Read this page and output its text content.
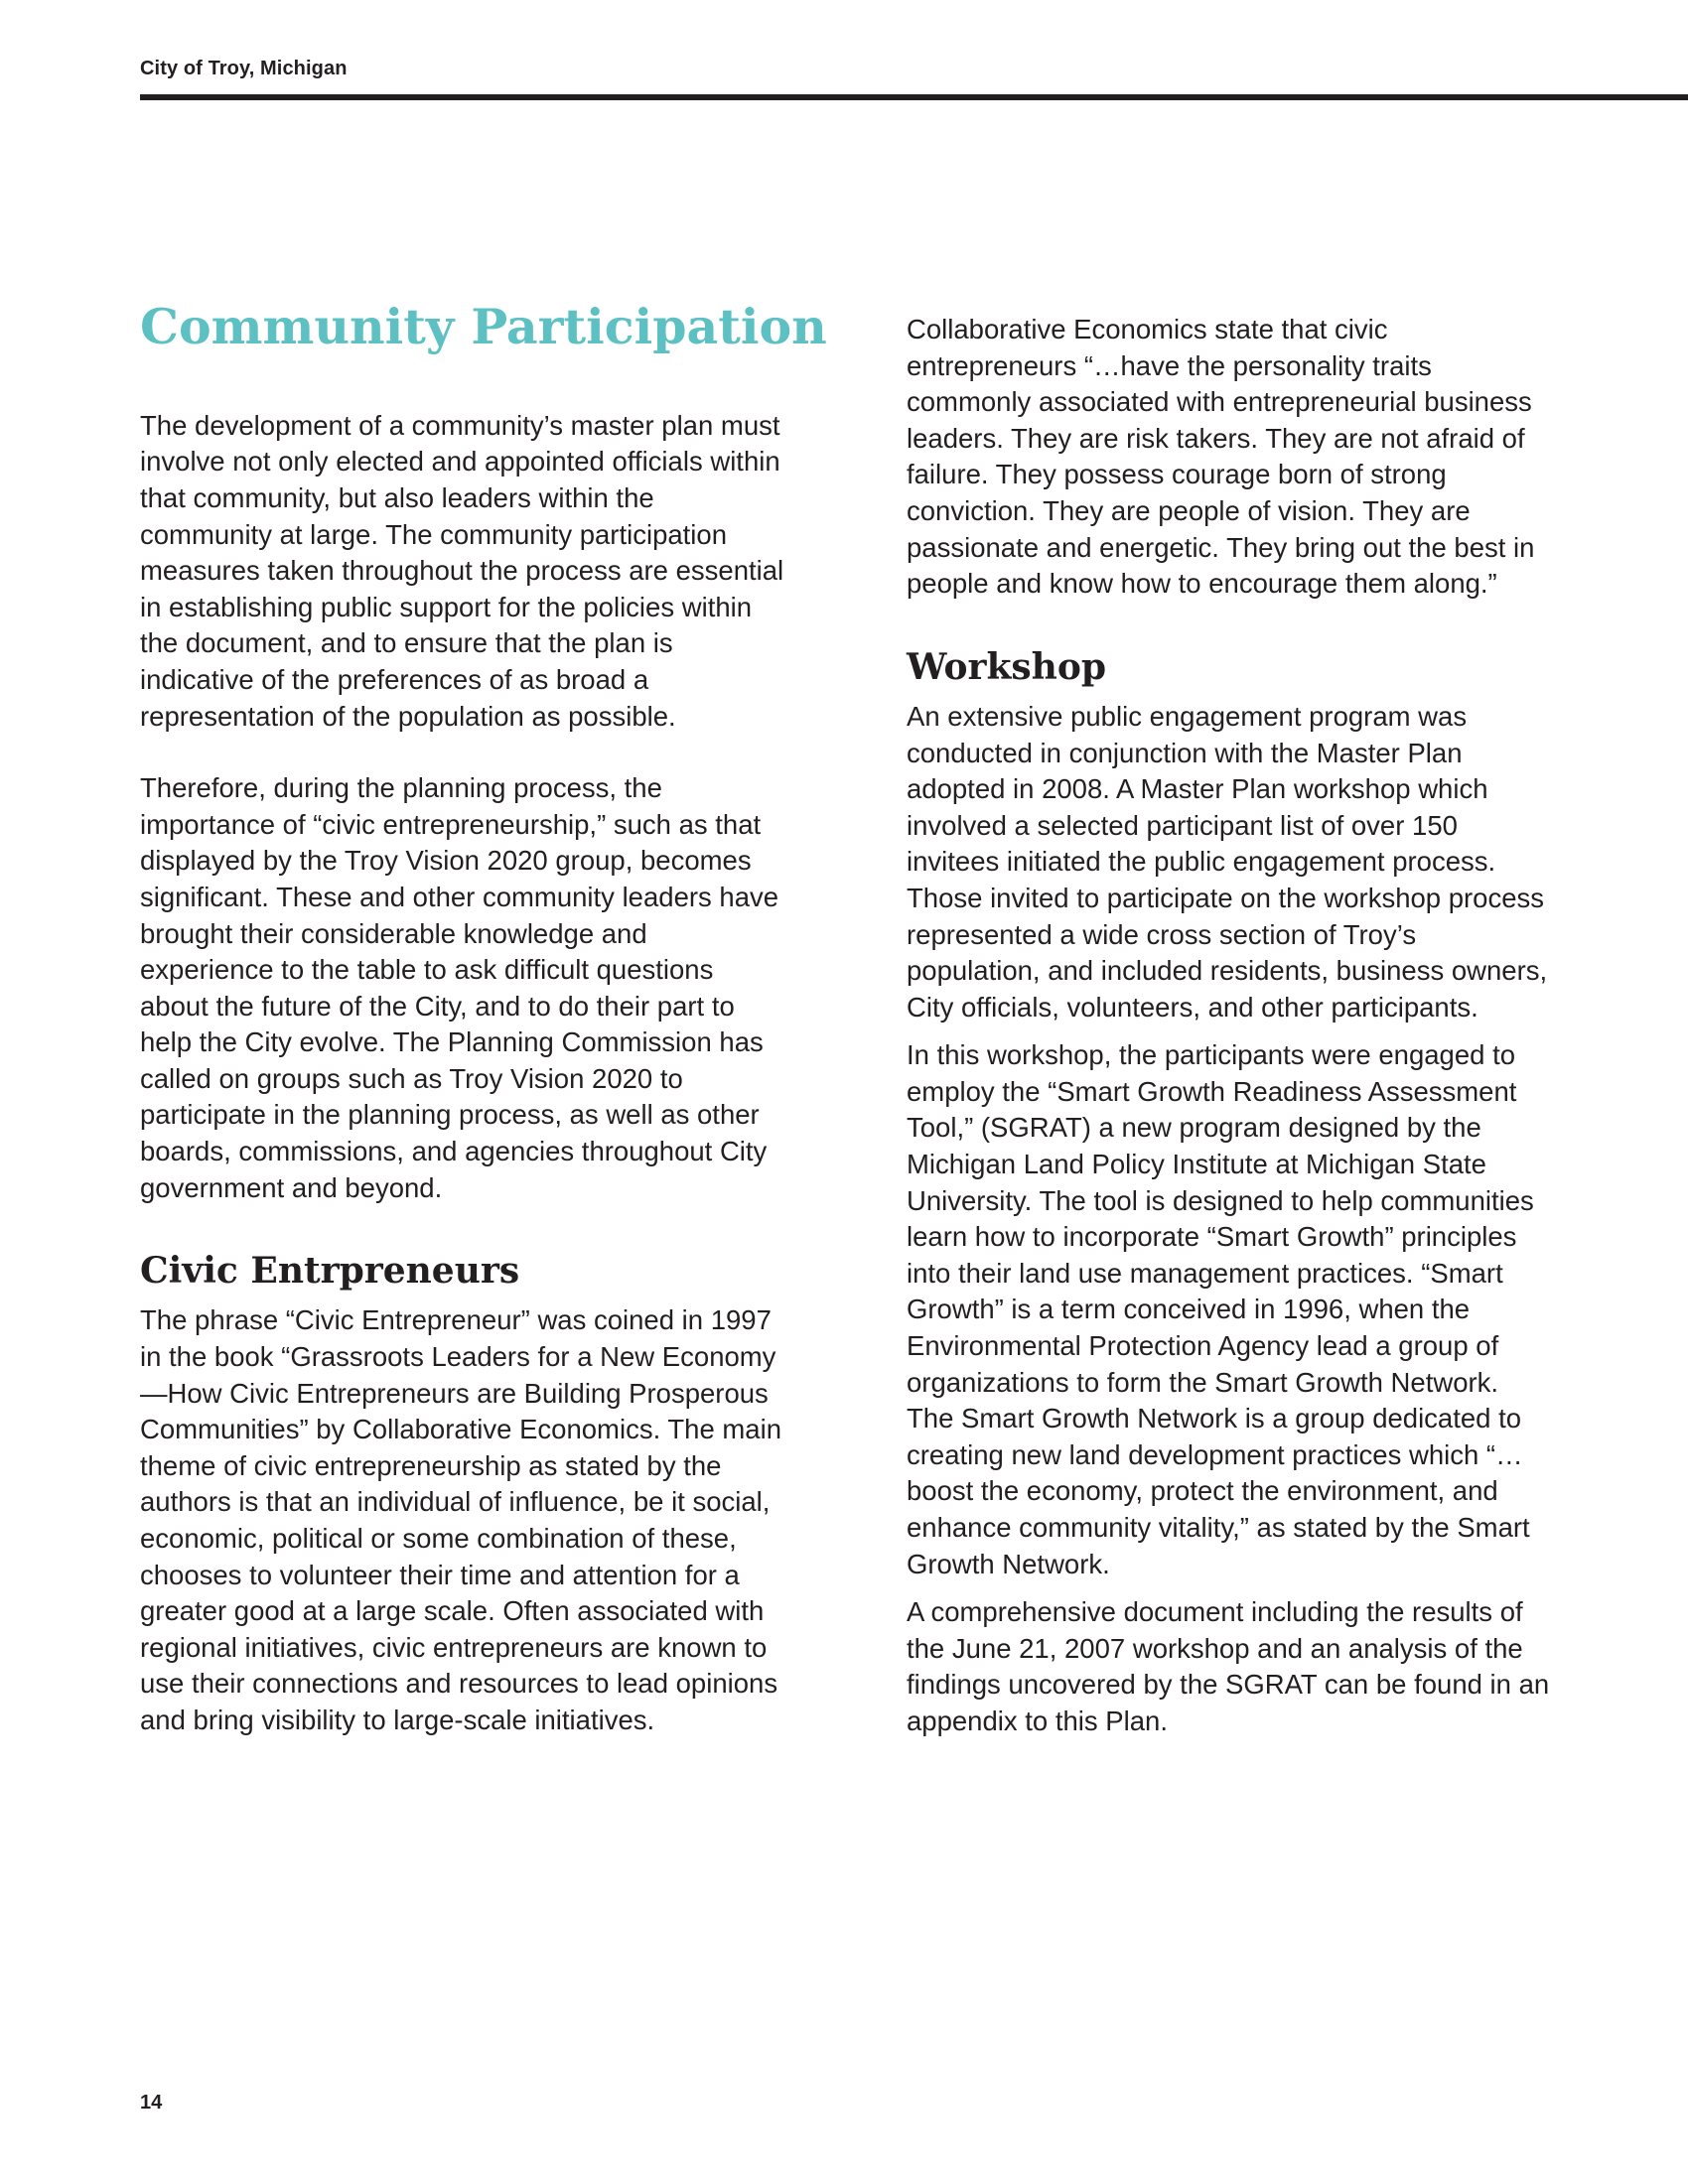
City of Troy, Michigan
Community Participation

The development of a community’s master plan must involve not only elected and appointed officials within that community, but also leaders within the community at large. The community participation measures taken throughout the process are essential in establishing public support for the policies within the document, and to ensure that the plan is indicative of the preferences of as broad a representation of the population as possible.

Therefore, during the planning process, the importance of “civic entrepreneurship,” such as that displayed by the Troy Vision 2020 group, becomes significant. These and other community leaders have brought their considerable knowledge and experience to the table to ask difficult questions about the future of the City, and to do their part to help the City evolve. The Planning Commission has called on groups such as Troy Vision 2020 to participate in the planning process, as well as other boards, commissions, and agencies throughout City government and beyond.

Civic Entrpreneurs

The phrase “Civic Entrepreneur” was coined in 1997 in the book “Grassroots Leaders for a New Economy—How Civic Entrepreneurs are Building Prosperous Communities” by Collaborative Economics. The main theme of civic entrepreneurship as stated by the authors is that an individual of influence, be it social, economic, political or some combination of these, chooses to volunteer their time and attention for a greater good at a large scale. Often associated with regional initiatives, civic entrepreneurs are known to use their connections and resources to lead opinions and bring visibility to large-scale initiatives.

Collaborative Economics state that civic entrepreneurs “…have the personality traits commonly associated with entrepreneurial business leaders. They are risk takers. They are not afraid of failure. They possess courage born of strong conviction. They are people of vision. They are passionate and energetic. They bring out the best in people and know how to encourage them along.”

Workshop

An extensive public engagement program was conducted in conjunction with the Master Plan adopted in 2008. A Master Plan workshop which involved a selected participant list of over 150 invitees initiated the public engagement process. Those invited to participate on the workshop process represented a wide cross section of Troy’s population, and included residents, business owners, City officials, volunteers, and other participants.

In this workshop, the participants were engaged to employ the “Smart Growth Readiness Assessment Tool,” (SGRAT) a new program designed by the Michigan Land Policy Institute at Michigan State University. The tool is designed to help communities learn how to incorporate “Smart Growth” principles into their land use management practices. “Smart Growth” is a term conceived in 1996, when the Environmental Protection Agency lead a group of organizations to form the Smart Growth Network. The Smart Growth Network is a group dedicated to creating new land development practices which “…boost the economy, protect the environment, and enhance community vitality,” as stated by the Smart Growth Network.

A comprehensive document including the results of the June 21, 2007 workshop and an analysis of the findings uncovered by the SGRAT can be found in an appendix to this Plan.

14
